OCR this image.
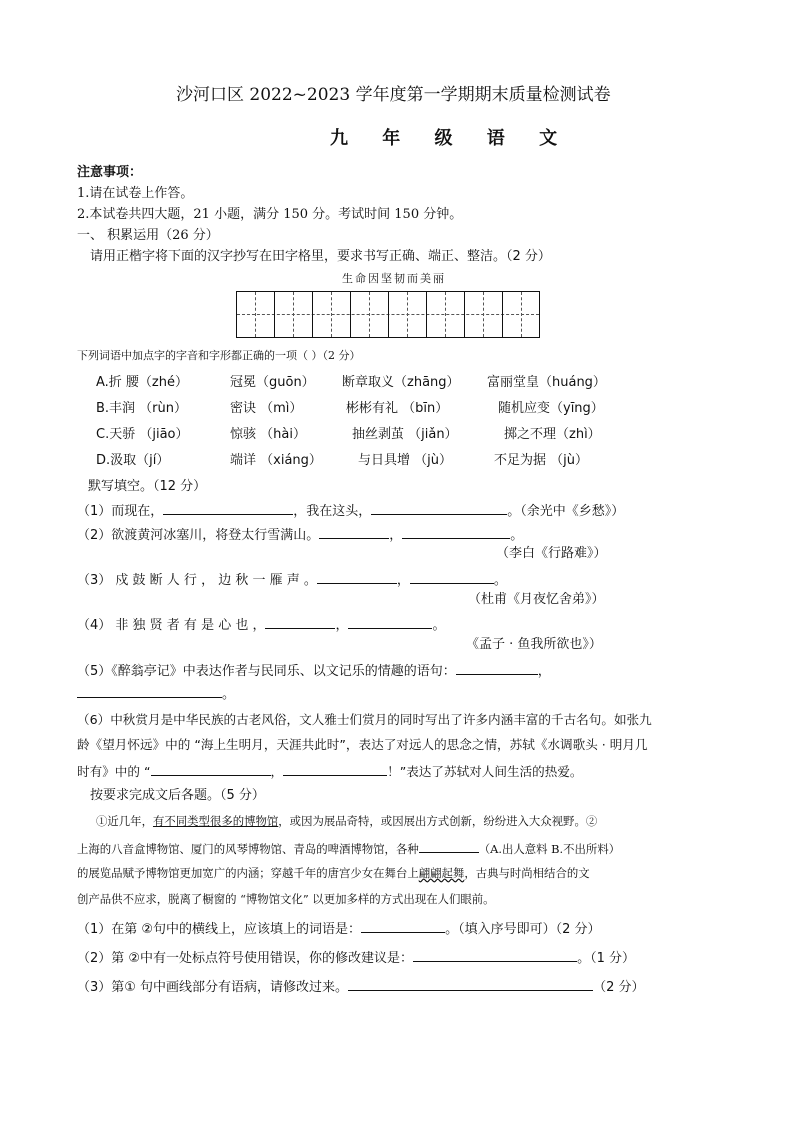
沙河口区 2022~2023 学年度第一学期期末质量检测试卷
九 年 级 语 文
注意事项：
1.请在试卷上作答。
2.本试卷共四大题，21 小题，满分 150 分。考试时间 150 分钟。
一、 积累运用（26 分）
请用正楷字将下面的汉字抄写在田字格里，要求书写正确、端正、整洁。（2 分）
生命因坚韧而美丽
下列词语中加点字的字音和字形都正确的一项（ ）（2 分）
A.折 腰（zhé）	冠冕（guōn） 断章取义（zhāng） 富丽堂皇（huáng）
B.丰润 （rùn）	密诀 （mì）	彬彬有礼 （bīn）	随机应变（yīng）
C.天骄 （jiāo）	惊骇 （hài）	抽丝剥茧 （jiǎn）	掷之不理（zhì）
D.汲取（jí）	端详 （xiáng）	与日具增 （jù）	不足为据 （jù）
默写填空。（12 分）
（1）而现在，	，我在这头，	。（余光中《乡愁》）
（2）欲渡黄河冰塞川，将登太行雪满山。	，	。
（李白《行路难》）
（3） 戍 鼓 断 人 行 ， 边 秋 一 雁 声 。	，	。
（杜甫《月夜忆舍弟》）
（4） 非 独 贤 者 有 是 心 也 ，	，	。
《孟子 · 鱼我所欲也》）
（5）《醉翁亭记》中表达作者与民同乐、以文记乐的情趣的语句：	，
。
（6）中秋赏月是中华民族的古老风俗，文人雅士们赏月的同时写出了许多内涵丰富的千古名句。如张九
龄《望月怀远》中的 “海上生明月，天涯共此时”，表达了对远人的思念之情，苏轼《水调歌头 · 明月几
时有》中的 “	，	！”表达了苏轼对人间生活的热爱。
按要求完成文后各题。（5 分）
①近几年，有不同类型很多的博物馆，或因为展品奇特，或因展出方式创新，纷纷进入大众视野。②
上海的八音盒博物馆、厦门的风琴博物馆、青岛的啤酒博物馆，各种	（A.出人意料 B.不出所料）
的展览品赋予博物馆更加宽广的内涵；穿越千年的唐宫少女在舞台上翩翩起舞，古典与时尚相结合的文
创产品供不应求，脱离了橱窗的 “博物馆文化” 以更加多样的方式出现在人们眼前。
（1）在第 ②句中的横线上，应该填上的词语是：	。（填入序号即可）（2 分）
（2）第 ②中有一处标点符号使用错误，你的修改建议是：	。（1 分）
（3）第① 句中画线部分有语病，请修改过来。	（2 分）
